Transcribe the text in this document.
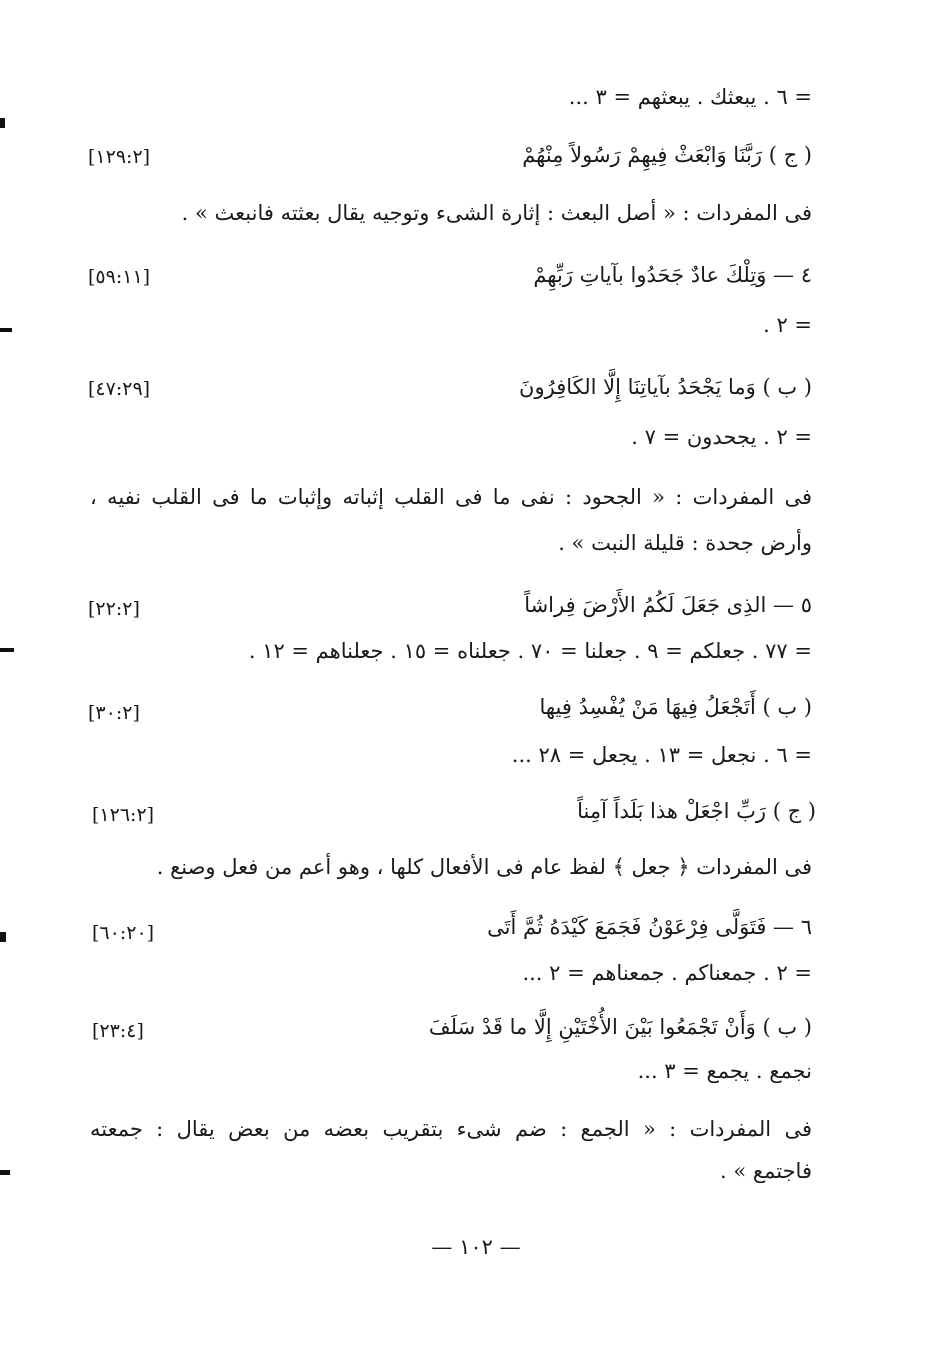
= ٦ . يبعثك . يبعثهم = ٣ ...
( ج ) رَبَّنَا وَابْعَثْ فِيهِمْ رَسُولاً مِنْهُمْ
[١٢٩:٢]
فى المفردات : « أصل البعث : إثارة الشىء وتوجيه يقال بعثته فانبعث » .
٤ — وَتِلْكَ عادٌ جَحَدُوا بآياتِ رَبِّهِمْ
[٥٩:١١]
= ٢ .
( ب ) وَما يَجْحَدُ بآياتِنَا إِلَّا الكَافِرُونَ
[٤٧:٢٩]
= ٢ . يجحدون = ٧ .
فى المفردات : « الجحود : نفى ما فى القلب إثباته وإثبات ما فى القلب نفيه ،
وأرض جحدة : قليلة النبت » .
٥ — الذِى جَعَلَ لَكُمُ الأَرْضَ فِراشاً
[٢٢:٢]
= ٧٧ . جعلكم = ٩ . جعلنا = ٧٠ . جعلناه = ١٥ . جعلناهم = ١٢ .
( ب ) أَتَجْعَلُ فِيهَا مَنْ يُفْسِدُ فِيها
[٣٠:٢]
= ٦ . نجعل = ١٣ . يجعل = ٢٨ ...
( ج ) رَبِّ اجْعَلْ هذا بَلَداً آمِناً
[١٢٦:٢]
فى المفردات ﴿ جعل ﴾ لفظ عام فى الأفعال كلها ، وهو أعم من فعل وصنع .
٦ — فَتَوَلَّى فِرْعَوْنُ فَجَمَعَ كَيْدَهُ ثُمَّ أَتَى
[٦٠:٢٠]
= ٢ . جمعناكم . جمعناهم = ٢ ...
( ب ) وَأَنْ تَجْمَعُوا بَيْنَ الأُخْتَيْنِ إِلَّا ما قَدْ سَلَفَ
[٢٣:٤]
نجمع . يجمع = ٣ ...
فى المفردات : « الجمع : ضم شىء بتقريب بعضه من بعض يقال : جمعته
فاجتمع » .
— ١٠٢ —
